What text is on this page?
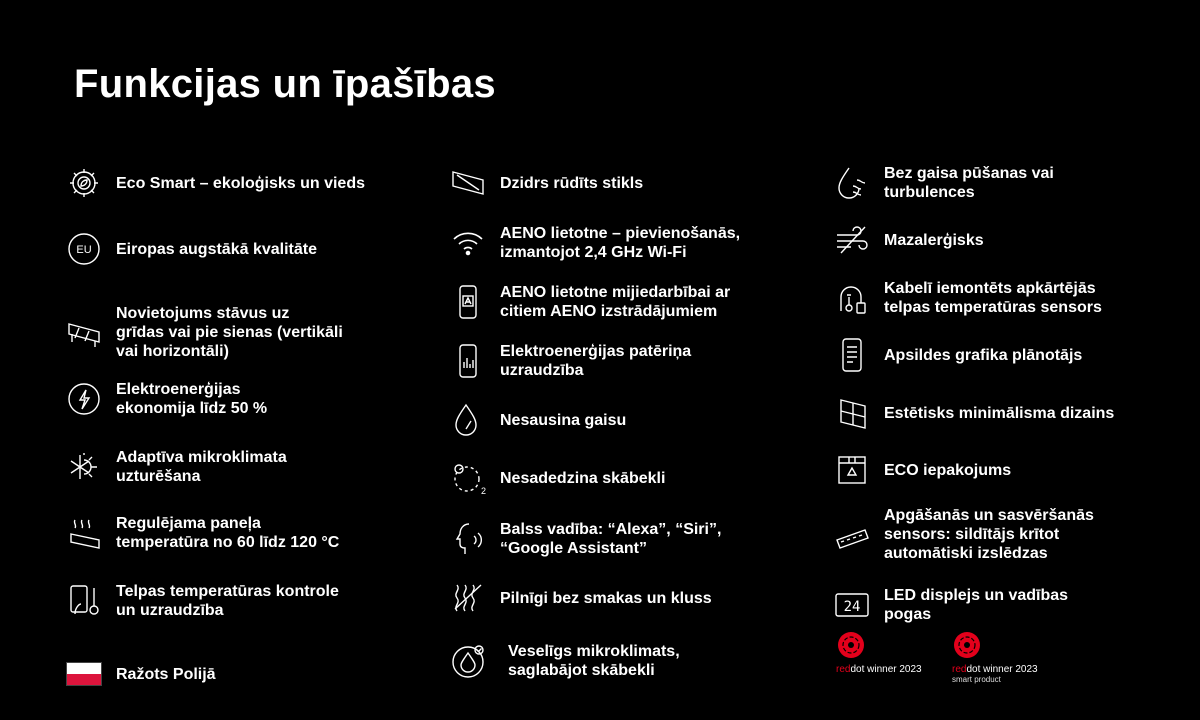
Funkcijas un īpašības
Eco Smart – ekoloģisks un vieds
EU Eiropas augstākā kvalitāte
Novietojums stāvus uz
grīdas vai pie sienas (vertikāli
vai horizontāli)
Elektroenerģijas
ekonomija līdz 50 %
Adaptīva mikroklimata
uzturēšana
Regulējama paneļa
temperatūra no 60 līdz 120 °C
Telpas temperatūras kontrole
un uzraudzība
Ražots Polijā
Dzidrs rūdīts stikls
AENO lietotne – pievienošanās,
izmantojot 2,4 GHz Wi-Fi
AENO lietotne mijiedarbībai ar
citiem AENO izstrādājumiem
Elektroenerģijas patēriņa
uzraudzība
Nesausina gaisu
2
Nesadedzina skābekli
Balss vadība: “Alexa”, “Siri”,
“Google Assistant”
Pilnīgi bez smakas un kluss
Veselīgs mikroklimats,
saglabājot skābekli
Bez gaisa pūšanas vai
turbulences
Mazalerģisks
Kabelī iemontēts apkārtējās
telpas temperatūras sensors
Apsildes grafika plānotājs
Estētisks minimālisma dizains
ECO iepakojums
Apgāšanās un sasvēršanās
sensors: sildītājs krītot
automātiski izslēdzas
24
LED displejs un vadības
pogas
reddot winner 2023	reddot winner 2023
smart product
